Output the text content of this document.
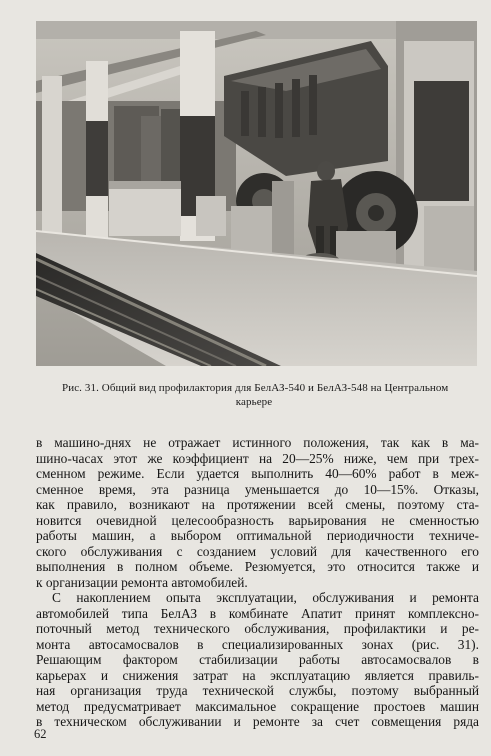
Рис. 31. Общий вид профилактория для БелАЗ-540 и БелАЗ-548 на Центральном
карьере
в машино-днях не отражает истинного положения, так как в ма-
шино-часах этот же коэффициент на 20—25% ниже, чем при трех-
сменном режиме. Если удается выполнить 40—60% работ в меж-
сменное время, эта разница уменьшается до 10—15%. Отказы,
как правило, возникают на протяжении всей смены, поэтому ста-
новится очевидной целесообразность варьирования не сменностью
работы машин, а выбором оптимальной периодичности техниче-
ского обслуживания с созданием условий для качественного его
выполнения в полном объеме. Резюмуется, это относится также и
к организации ремонта автомобилей.
С накоплением опыта эксплуатации, обслуживания и ремонта
автомобилей типа БелАЗ в комбинате Апатит принят комплексно-
поточный метод технического обслуживания, профилактики и ре-
монта автосамосвалов в специализированных зонах (рис. 31).
Решающим фактором стабилизации работы автосамосвалов в
карьерах и снижения затрат на эксплуатацию является правиль-
ная организация труда технической службы, поэтому выбранный
метод предусматривает максимальное сокращение простоев машин
в техническом обслуживании и ремонте за счет совмещения ряда
62
